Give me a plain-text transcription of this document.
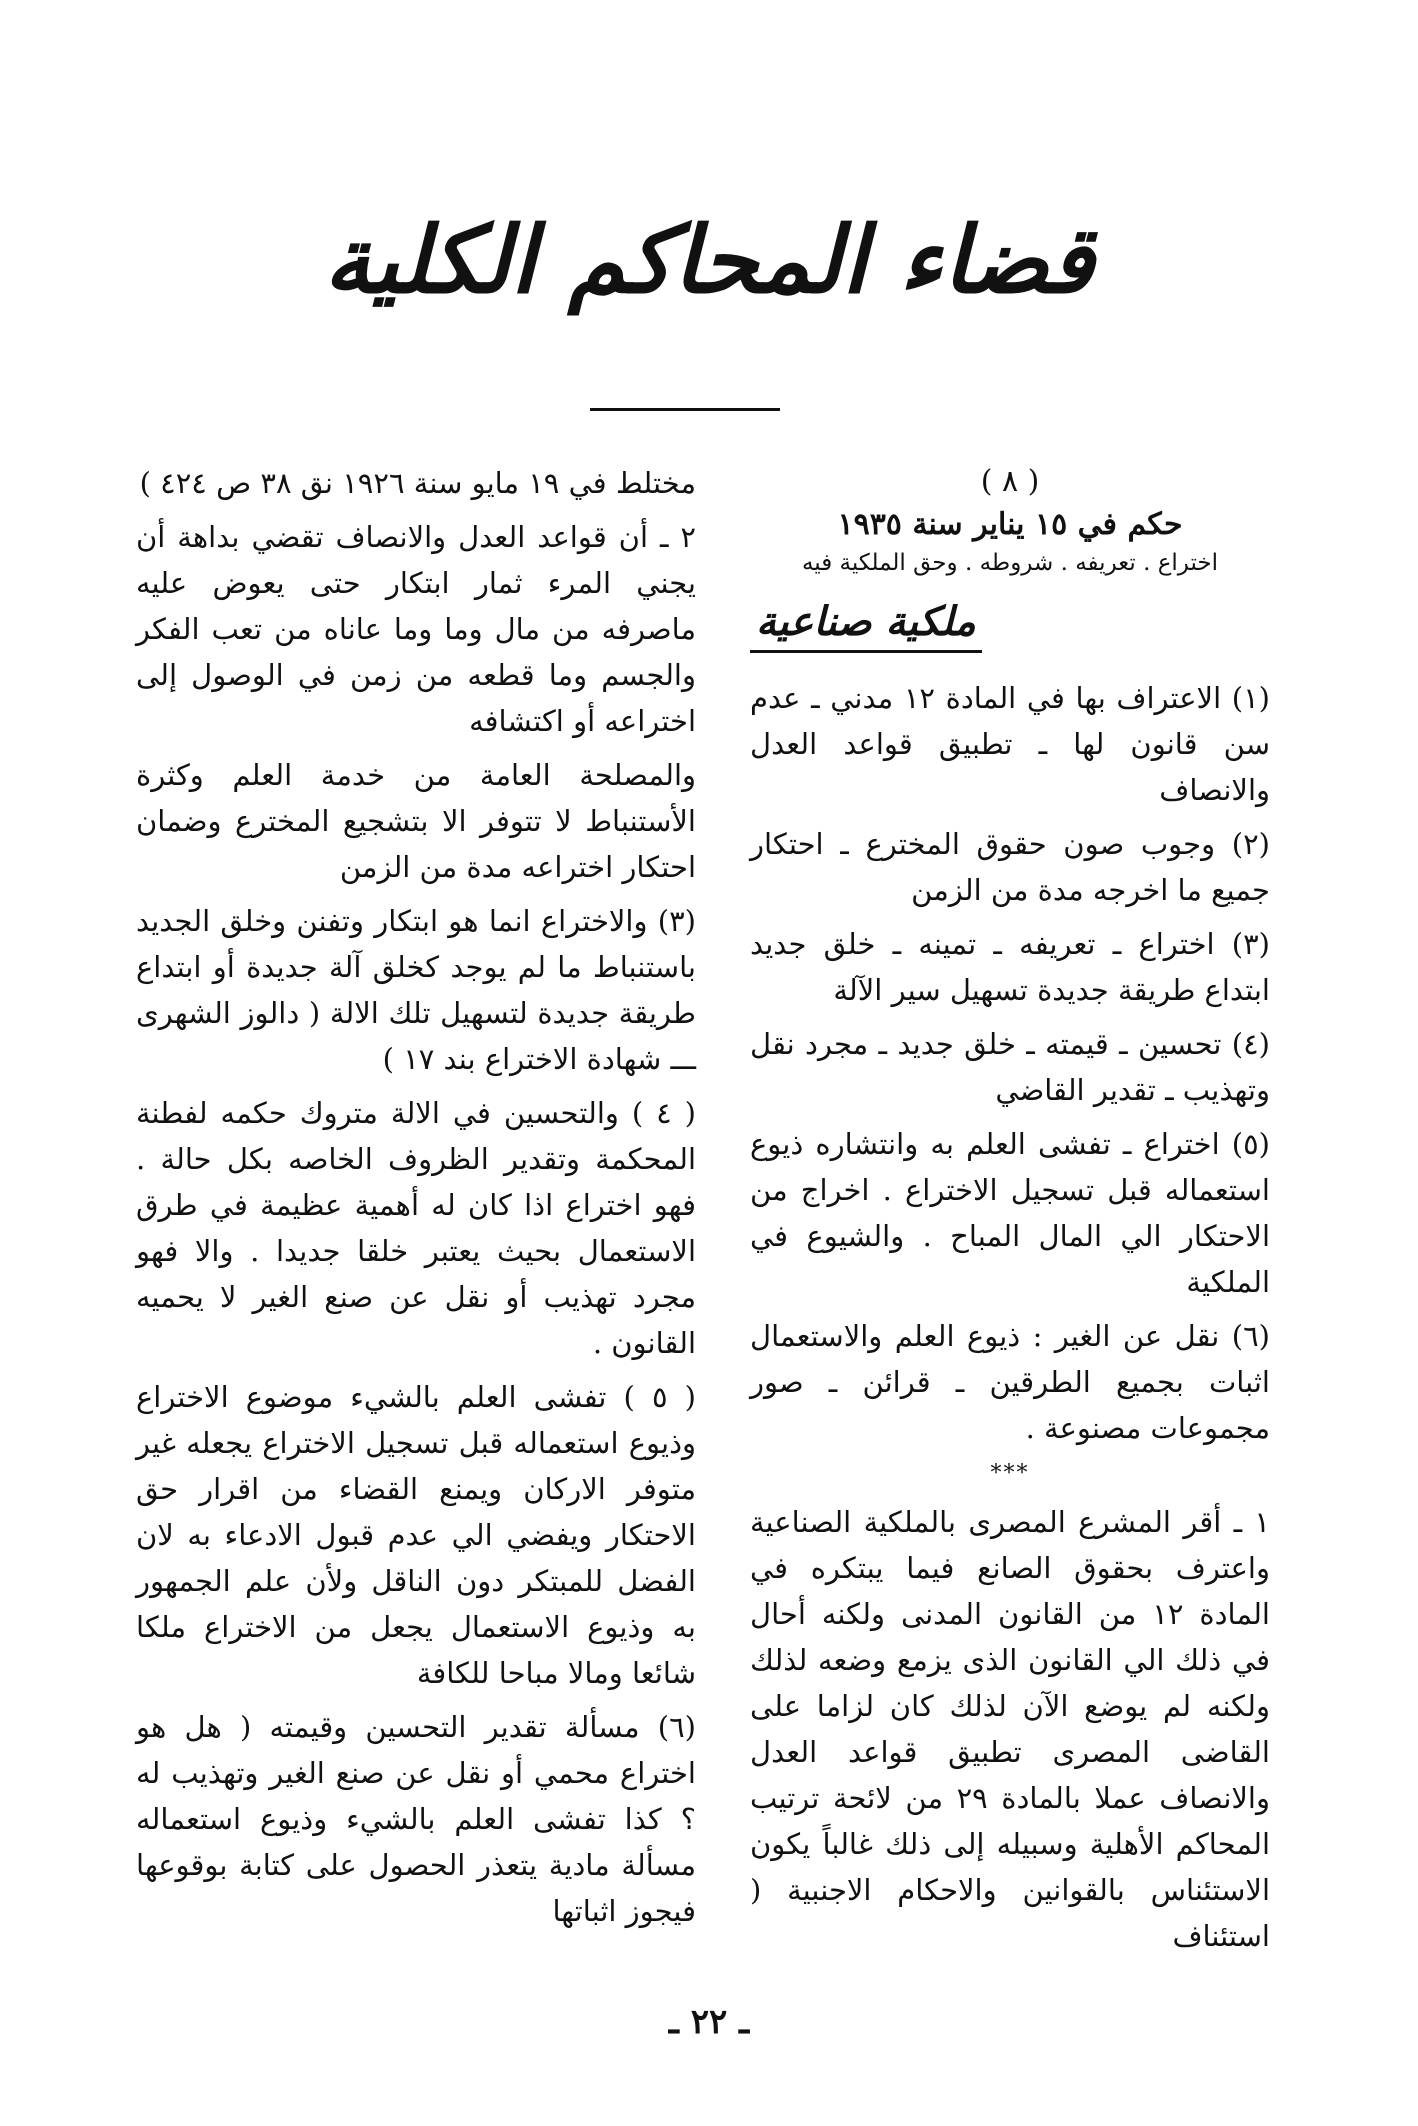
قضاء المحاكم الكلية

( ٨ )

حكم في ١٥ يناير سنة ١٩٣٥

اختراع . تعريفه . شروطه . وحق الملكية فيه

ملكية صناعية

(١) الاعتراف بها في المادة ١٢ مدني ـ عدم سن قانون لها ـ تطبيق قواعد العدل والانصاف

(٢) وجوب صون حقوق المخترع ـ احتكار جميع ما اخرجه مدة من الزمن

(٣) اختراع ـ تعريفه ـ تمينه ـ خلق جديد ابتداع طريقة جديدة تسهيل سير الآلة

(٤) تحسين ـ قيمته ـ خلق جديد ـ مجرد نقل وتهذيب ـ تقدير القاضي

(٥) اختراع ـ تفشى العلم به وانتشاره ذيوع استعماله قبل تسجيل الاختراع . اخراج من الاحتكار الي المال المباح . والشيوع في الملكية

(٦) نقل عن الغير : ذيوع العلم والاستعمال اثبات بجميع الطرقين ـ قرائن ـ صور مجموعات مصنوعة .

***

١ ـ أقر المشرع المصرى بالملكية الصناعية واعترف بحقوق الصانع فيما يبتكره في المادة ١٢ من القانون المدنى ولكنه أحال في ذلك الي القانون الذى يزمع وضعه لذلك ولكنه لم يوضع الآن لذلك كان لزاما على القاضى المصرى تطبيق قواعد العدل والانصاف عملا بالمادة ٢٩ من لائحة ترتيب المحاكم الأهلية وسبيله إلى ذلك غالباً يكون الاستئناس بالقوانين والاحكام الاجنبية ( استئناف

مختلط في ١٩ مايو سنة ١٩٢٦ نق ٣٨ ص ٤٢٤ )

٢ ـ أن قواعد العدل والانصاف تقضي بداهة أن يجني المرء ثمار ابتكار حتى يعوض عليه ماصرفه من مال وما وما عاناه من تعب الفكر والجسم وما قطعه من زمن في الوصول إلى اختراعه أو اكتشافه

والمصلحة العامة من خدمة العلم وكثرة الأستنباط لا تتوفر الا بتشجيع المخترع وضمان احتكار اختراعه مدة من الزمن

(٣) والاختراع انما هو ابتكار وتفنن وخلق الجديد باستنباط ما لم يوجد كخلق آلة جديدة أو ابتداع طريقة جديدة لتسهيل تلك الالة ( دالوز الشهرى ـــ شهادة الاختراع بند ١٧ )

( ٤ ) والتحسين في الالة متروك حكمه لفطنة المحكمة وتقدير الظروف الخاصه بكل حالة . فهو اختراع اذا كان له أهمية عظيمة في طرق الاستعمال بحيث يعتبر خلقا جديدا . والا فهو مجرد تهذيب أو نقل عن صنع الغير لا يحميه القانون .

( ٥ ) تفشى العلم بالشيء موضوع الاختراع وذيوع استعماله قبل تسجيل الاختراع يجعله غير متوفر الاركان ويمنع القضاء من اقرار حق الاحتكار ويفضي الي عدم قبول الادعاء به لان الفضل للمبتكر دون الناقل ولأن علم الجمهور به وذيوع الاستعمال يجعل من الاختراع ملكا شائعا ومالا مباحا للكافة

(٦) مسألة تقدير التحسين وقيمته ( هل هو اختراع محمي أو نقل عن صنع الغير وتهذيب له ؟ كذا تفشى العلم بالشيء وذيوع استعماله مسألة مادية يتعذر الحصول على كتابة بوقوعها فيجوز اثباتها

ـ ٢٢ ـ
